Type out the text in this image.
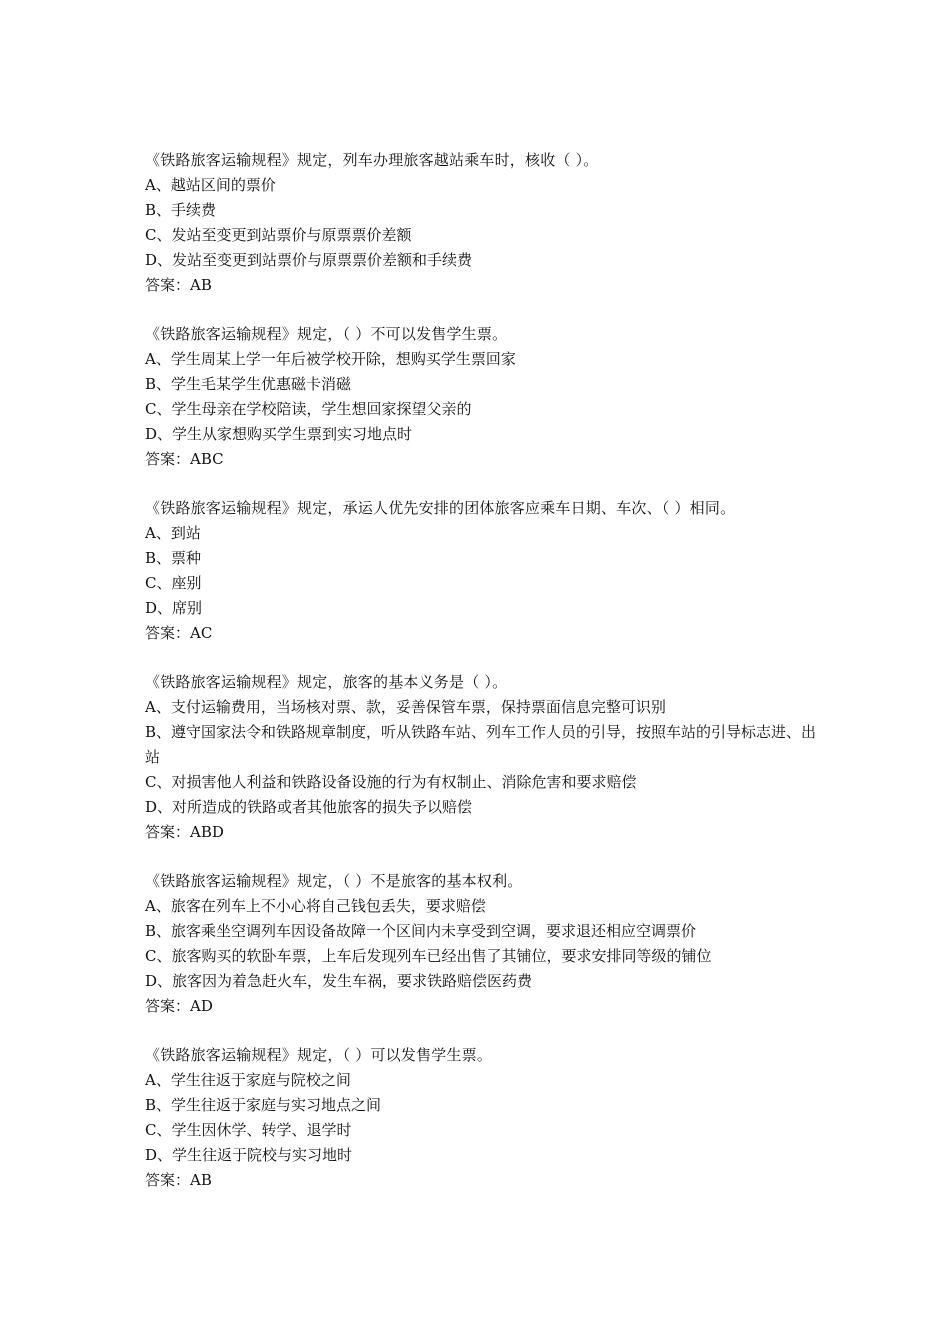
《铁路旅客运输规程》规定，列车办理旅客越站乘车时，核收（ ）。
A、越站区间的票价
B、手续费
C、发站至变更到站票价与原票票价差额
D、发站至变更到站票价与原票票价差额和手续费
答案：AB
《铁路旅客运输规程》规定，（ ）不可以发售学生票。
A、学生周某上学一年后被学校开除，想购买学生票回家
B、学生毛某学生优惠磁卡消磁
C、学生母亲在学校陪读，学生想回家探望父亲的
D、学生从家想购买学生票到实习地点时
答案：ABC
《铁路旅客运输规程》规定，承运人优先安排的团体旅客应乘车日期、车次、（ ）相同。
A、到站
B、票种
C、座别
D、席别
答案：AC
《铁路旅客运输规程》规定，旅客的基本义务是（ ）。
A、支付运输费用，当场核对票、款，妥善保管车票，保持票面信息完整可识别
B、遵守国家法令和铁路规章制度，听从铁路车站、列车工作人员的引导，按照车站的引导标志进、出站
C、对损害他人利益和铁路设备设施的行为有权制止、消除危害和要求赔偿
D、对所造成的铁路或者其他旅客的损失予以赔偿
答案：ABD
《铁路旅客运输规程》规定，（ ）不是旅客的基本权利。
A、旅客在列车上不小心将自己钱包丢失，要求赔偿
B、旅客乘坐空调列车因设备故障一个区间内未享受到空调，要求退还相应空调票价
C、旅客购买的软卧车票，上车后发现列车已经出售了其铺位，要求安排同等级的铺位
D、旅客因为着急赶火车，发生车祸，要求铁路赔偿医药费
答案：AD
《铁路旅客运输规程》规定，（ ）可以发售学生票。
A、学生往返于家庭与院校之间
B、学生往返于家庭与实习地点之间
C、学生因休学、转学、退学时
D、学生往返于院校与实习地时
答案：AB
